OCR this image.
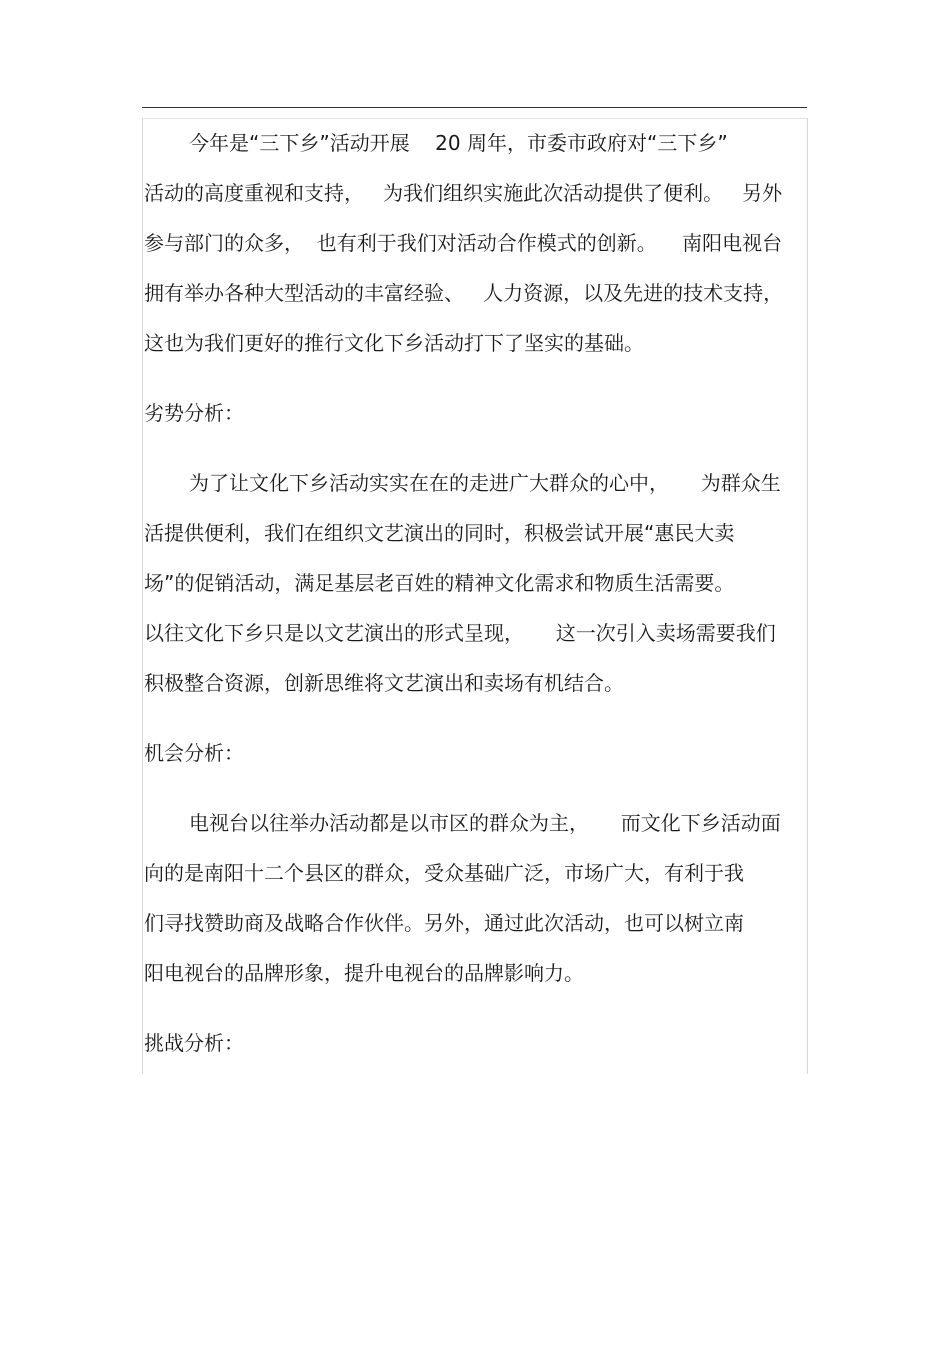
今年是“三下乡”活动开展    20 周年，市委市政府对“三下乡”
活动的高度重视和支持，   为我们组织实施此次活动提供了便利。   另外
参与部门的众多，  也有利于我们对活动合作模式的创新。    南阳电视台
拥有举办各种大型活动的丰富经验、   人力资源，以及先进的技术支持，
这也为我们更好的推行文化下乡活动打下了坚实的基础。
劣势分析：
为了让文化下乡活动实实在在的走进广大群众的心中，     为群众生
活提供便利，我们在组织文艺演出的同时，积极尝试开展“惠民大卖
场”的促销活动，满足基层老百姓的精神文化需求和物质生活需要。
以往文化下乡只是以文艺演出的形式呈现，     这一次引入卖场需要我们
积极整合资源，创新思维将文艺演出和卖场有机结合。
机会分析：
电视台以往举办活动都是以市区的群众为主，     而文化下乡活动面
向的是南阳十二个县区的群众，受众基础广泛，市场广大，有利于我
们寻找赞助商及战略合作伙伴。另外，通过此次活动，也可以树立南
阳电视台的品牌形象，提升电视台的品牌影响力。
挑战分析：
